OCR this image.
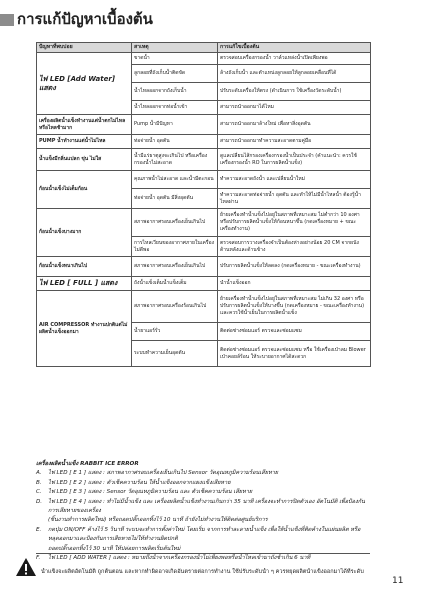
การแก้ปัญหาเบื้องต้น
ปัญหาที่พบบ่อย	สาเหตุ	การแก้ไขเบื้องต้น
ไฟ LED [Add Water] แสดง	ขาดน้ำ	ตรวจสอบเครื่องกรองน้ำ วาล์วแหล่งน้ำเปิดเพียงพอ
	ลูกลอยที่ถังเก็บน้ำติดขัด	ล้างถังเก็บน้ำ และตำแหน่งลูกลอยให้ลูกลอยเคลื่อนที่ได้
	น้ำไหลออกจากถังเก็บน้ำ	ปรับระดับเครื่องให้ตรง (ดำเนินการ ใช้เครื่องวัดระดับน้ำ)
	น้ำไหลออกจากท่อน้ำเข้า	สามารถนำออกมาได้ไหม
เครื่องผลิตน้ำแข็งทำงานแต่น้ำตกไม่ไหลหรือไหลช้ามาก	Pump น้ำมีปัญหา	สามารถนำออกมาล้างใหม่ เพื่อหาสิ่งอุดตัน
PUMP น้ำทำงานแต่น้ำไม่ไหล	ท่อจ่ายน้ำ อุดตัน	สามารถนำออกมาทำความสะอาดตามคู่มือ
น้ำแข็งมีกลิ่นแปลก ขุ่น ไม่ใส	น้ำมีแร่ธาตุสูงจะเกินไป หรือเครื่องกรองน้ำไม่สะอาด	ดูแลเปลี่ยนไส้กรองเครื่องกรองน้ำเป็นประจำ (คำแนะนำ: ควรใช้เครื่องกรองน้ำ RO ในการผลิตน้ำแข็ง)
ก้อนน้ำแข็งไม่เต็มก้อน	คุณภาพน้ำไม่สะอาด และน้ำมีตะกอน	ทำความสะอาดถังน้ำ และเปลี่ยนน้ำใหม่
	ท่อจ่ายน้ำ อุดตัน มีสิ่งอุดตัน	ทำความสะอาดท่อจ่ายน้ำ อุดตัน และทำให้ไม่มีน้ำไหลน้ำ ต้องรู้น้ำไหลผ่าน
ก้อนน้ำแข็งบางมาก	สภาพอากาศรอบเครื่องเย็นเกินไป	ย้ายเครื่องทำน้ำแข็งไปอยู่ในสภาพที่เหมาะสม ไม่ต่ำกว่า 10 องศา หรือปรับการผลิตน้ำแข็งให้ก้อนหนาขึ้น (กดเครื่องหมาย + ขณะเครื่องทำงาน)
	การไหลเวียนของอากาศภายในเครื่องไม่ดีพอ	ตรวจสอบการวางเครื่องจำเป็นต้องห่างอย่างน้อย 20 CM จากผนังด้านหลังและด้านข้าง
ก้อนน้ำแข็งหนาเกินไป	สภาพอากาศรอบเครื่องเย็นเกินไป	ปรับการผลิตน้ำแข็งให้ลดลง (กดเครื่องหมาย - ขณะเครื่องทำงาน)
ไฟ LED [ FULL ] แสดง	ถังน้ำแข็งเต็มน้ำแข็งเต็ม	นำน้ำแข็งออก
AIR COMPRESSOR ทำงานปกติแต่ไม่ผลิตน้ำแข็งออกมา	สภาพอากาศรอบเครื่องร้อนเกินไป	ย้ายเครื่องทำน้ำแข็งไปอยู่ในสภาพที่เหมาะสม ไม่เกิน 32 องศา หรือปรับการผลิตน้ำแข็งให้บางขึ้น (กดเครื่องหมาย - ขณะเครื่องทำงาน) และควรใช้น้ำเย็นในการผลิตน้ำแข็ง
	น้ำยาแอร์รั่ว	ติดต่อช่างซ่อมแอร์ ตรวจและซ่อมแซม
	ระบบทำความเย็นอุดตัน	ติดต่อช่างซ่อมแอร์ ตรวจและซ่อมแซม หรือ ใช้เครื่องเป่าลม Blower เป่าคอยล์ร้อน ให้ระบายอากาศได้สะดวก
เครื่องผลิตน้ำแข็ง RABBIT ICE ERROR
A.	ไฟ LED [ E 1 ] แสดง : สภาพอากาศรอบเครื่องเย็นเกินไป Sensor วัดอุณหภูมิความร้อนเสียหาย
B.	ไฟ LED [ E 2 ] แสดง : ตัวเช็คความร้อน ให้น้ำแข็งออกจากแผงแข็งเสียหาย
C.	ไฟ LED [ E 3 ] แสดง : Sensor วัดอุณหภูมิความร้อน และ ตัวเช็คความร้อน เสียหาย
D.	ไฟ LED [ E 4 ] แสดง : ทำไม่มีน้ำแข็ง และ เครื่องผลิตน้ำแข็งทำงานเกินกว่า 35 นาที เครื่องจะทำการปิดตัวเอง อัตโนมัติ เพื่อป้องกันการเสียหายของเครื่อง
(ชิ้นงานทำการผลิตใหม่) หรือถอดปลั๊กออกทิ้งไว้ 10 นาที ถ้ายังไม่ทำงานให้ติดต่อศูนย์บริการ
E.	กดปุ่ม ON/OFF ค้างไว้ 5 วินาที ระบบจะทำการตั้งค่าใหม่ โดยเริ่ม จากการทำละลายน้ำแข็ง เพื่อให้น้ำแข็งที่ติดค้างในแผ่นผลิต หรือหลุดออกมาและป้องกันการเสียหายไม่ให้ทำงานผิดปกติ
ถอดปลั๊กออกทิ้งไว้ 30 นาที ให้ปล่อยการผลิตเริ่มต้นใหม่
F.	ไฟ LED [ ADD WATER ] แสดง : หมายถึงน้ำจากเครื่องกรองน้ำไม่เพียงพอหรือน้ำไหลเข้ามาถังช้าเกิน 6 นาที
น้ำแข็งจะผลิตอัตโนมัติ ถูกต้นตอน และหากทำผิดอาจเกิดอันตรายต่อการทำงาน ใช้ปรับระดับน้ำ ๆ ควรหยุดผลิตน้ำแข็งออกมาได้ที่ระดับ
11
